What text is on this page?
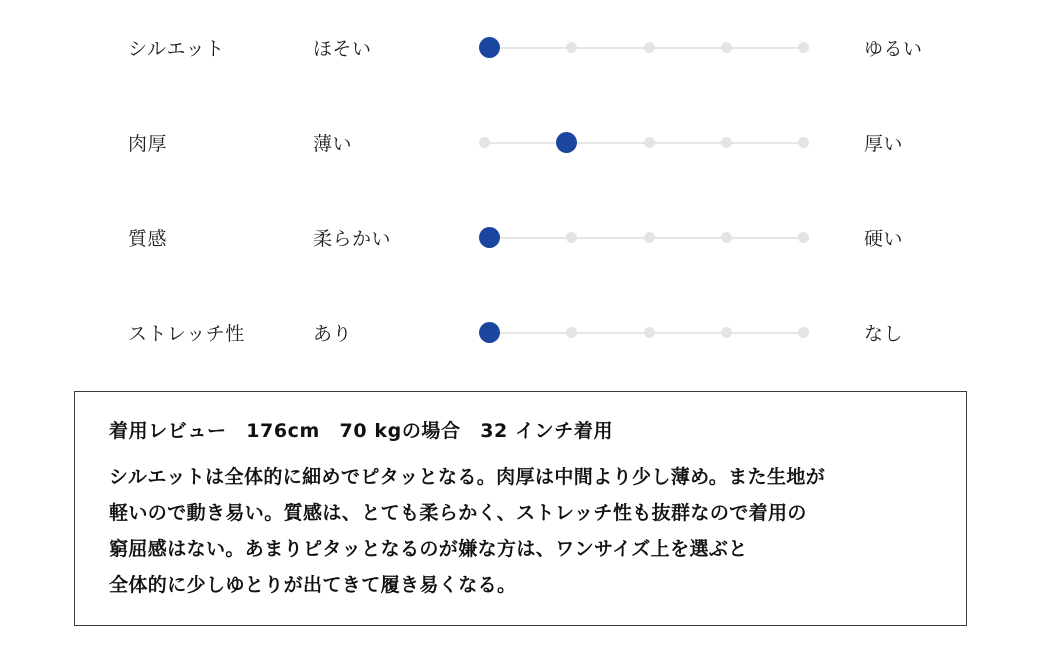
シルエット	ほそい	ゆるい
肉厚	薄い	厚い
質感	柔らかい	硬い
ストレッチ性	あり	なし
着用レビュー　176cm　70 kgの場合　32 インチ着用
シルエットは全体的に細めでピタッとなる。肉厚は中間より少し薄め。また生地が
軽いので動き易い。質感は、とても柔らかく、ストレッチ性も抜群なので着用の
窮屈感はない。あまりピタッとなるのが嫌な方は、ワンサイズ上を選ぶと
全体的に少しゆとりが出てきて履き易くなる。
